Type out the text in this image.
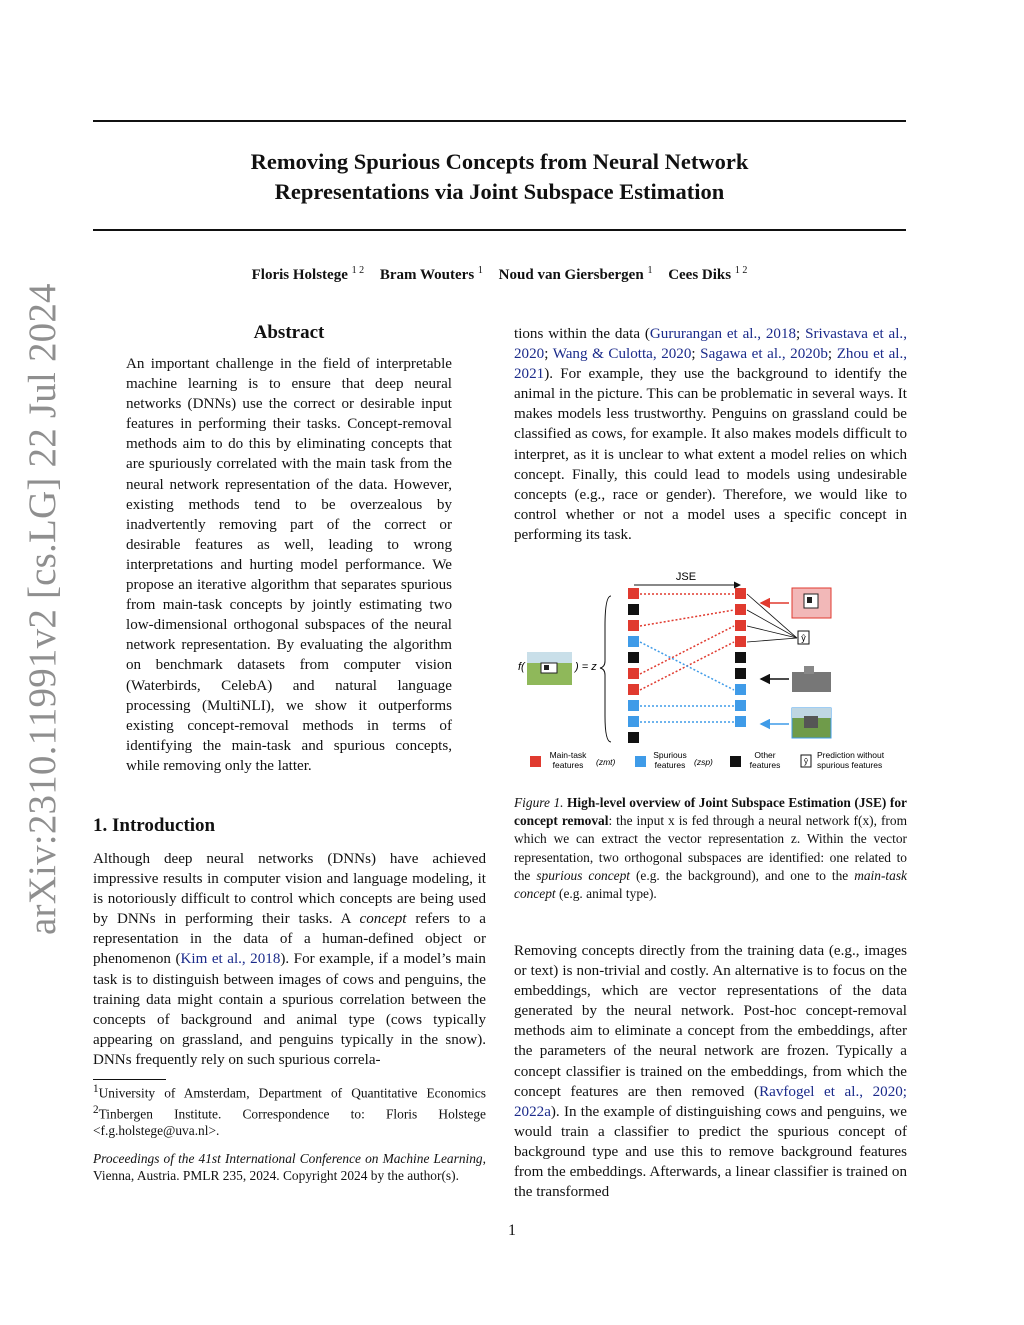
arXiv:2310.11991v2 [cs.LG] 22 Jul 2024
Removing Spurious Concepts from Neural Network
Representations via Joint Subspace Estimation
Floris Holstege $^{1 2}$ Bram Wouters $^1$ Noud van Giersbergen $^1$ Cees Diks $^{1 2}$
Abstract
An important challenge in the field of interpretable machine learning is to ensure that deep neural networks (DNNs) use the correct or desirable input features in performing their tasks. Concept-removal methods aim to do this by eliminating concepts that are spuriously correlated with the main task from the neural network representation of the data. However, existing methods tend to be overzealous by inadvertently removing part of the correct or desirable features as well, leading to wrong interpretations and hurting model performance. We propose an iterative algorithm that separates spurious from main-task concepts by jointly estimating two low-dimensional orthogonal subspaces of the neural network representation. By evaluating the algorithm on benchmark datasets from computer vision (Waterbirds, CelebA) and natural language processing (MultiNLI), we show it outperforms existing concept-removal methods in terms of identifying the main-task and spurious concepts, while removing only the latter.
1. Introduction
Although deep neural networks (DNNs) have achieved impressive results in computer vision and language modeling, it is notoriously difficult to control which concepts are being used by DNNs in performing their tasks. A concept refers to a representation in the data of a human-defined object or phenomenon (Kim et al., 2018). For example, if a model’s main task is to distinguish between images of cows and penguins, the training data might contain a spurious correlation between the concepts of background and animal type (cows typically appearing on grassland, and penguins typically in the snow). DNNs frequently rely on such spurious correla-
$^1$University of Amsterdam, Department of Quantitative Economics $^2$Tinbergen Institute. Correspondence to: Floris Holstege <f.g.holstege@uva.nl>.
Proceedings of the 41st International Conference on Machine Learning, Vienna, Austria. PMLR 235, 2024. Copyright 2024 by the author(s).
tions within the data (Gururangan et al., 2018; Srivastava et al., 2020; Wang & Culotta, 2020; Sagawa et al., 2020b; Zhou et al., 2021). For example, they use the background to identify the animal in the picture. This can be problematic in several ways. It makes models less trustworthy. Penguins on grassland could be classified as cows, for example. It also makes models difficult to interpret, as it is unclear to what extent a model relies on which concept. Finally, this could lead to models using undesirable concepts (e.g., race or gender). Therefore, we would like to control whether or not a model uses a specific concept in performing its task.
JSE
f(	) = z
ŷ
Main-task features	(zmt)
Spurious features (zsp)
Other features	ŷ
Prediction without spurious features
Figure 1. High-level overview of Joint Subspace Estimation (JSE) for concept removal: the input x is fed through a neural network f(x), from which we can extract the vector representation z. Within the vector representation, two orthogonal subspaces are identified: one related to the spurious concept (e.g. the background), and one to the main-task concept (e.g. animal type).
Removing concepts directly from the training data (e.g., images or text) is non-trivial and costly. An alternative is to focus on the embeddings, which are vector representations of the data generated by the neural network. Post-hoc concept-removal methods aim to eliminate a concept from the embeddings, after the parameters of the neural network are frozen. Typically a concept classifier is trained on the embeddings, from which the concept features are then removed (Ravfogel et al., 2020; 2022a). In the example of distinguishing cows and penguins, we would train a classifier to predict the spurious concept of background type and use this to remove background features from the embeddings. Afterwards, a linear classifier is trained on the transformed
1
